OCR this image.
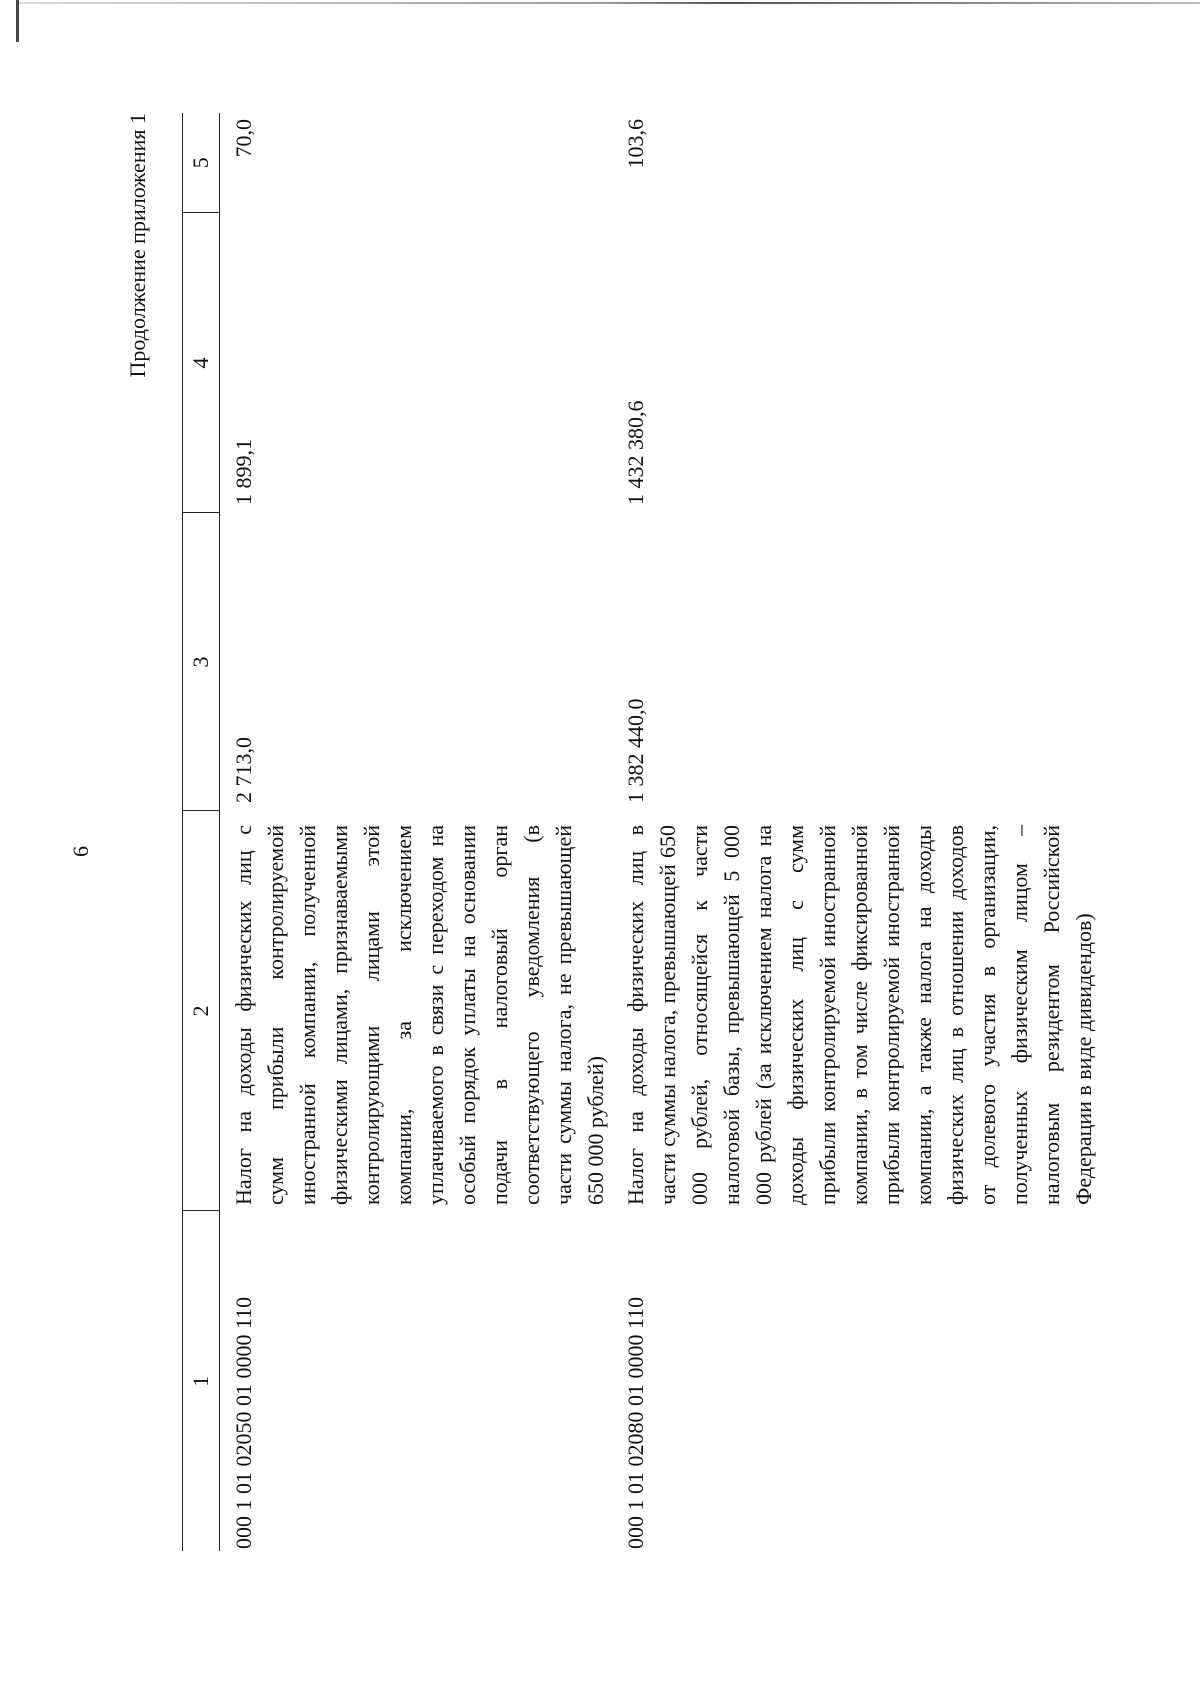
6
Продолжение приложения 1
1	2	3	4	5
000 1 01 02050 01 0000 110	Налог на доходы физических лиц с сумм прибыли контролируемой иностранной компании, полученной физическими лицами, признаваемыми контролирующими лицами этой компании, за исключением уплачиваемого в связи с переходом на особый порядок уплаты на основании подачи в налоговый орган соответствующего уведомления (в части суммы налога, не превышающей 650 000 рублей)	2 713,0	1 899,1	70,0
000 1 01 02080 01 0000 110	Налог на доходы физических лиц в части суммы налога, превышающей 650 000 рублей, относящейся к части налоговой базы, превышающей 5 000 000 рублей (за исключением налога на доходы физических лиц с сумм прибыли контролируемой иностранной компании, в том числе фиксированной прибыли контролируемой иностранной компании, а также налога на доходы физических лиц в отношении доходов от долевого участия в организации, полученных физическим лицом – налоговым резидентом Российской Федерации в виде дивидендов)	1 382 440,0	1 432 380,6	103,6
